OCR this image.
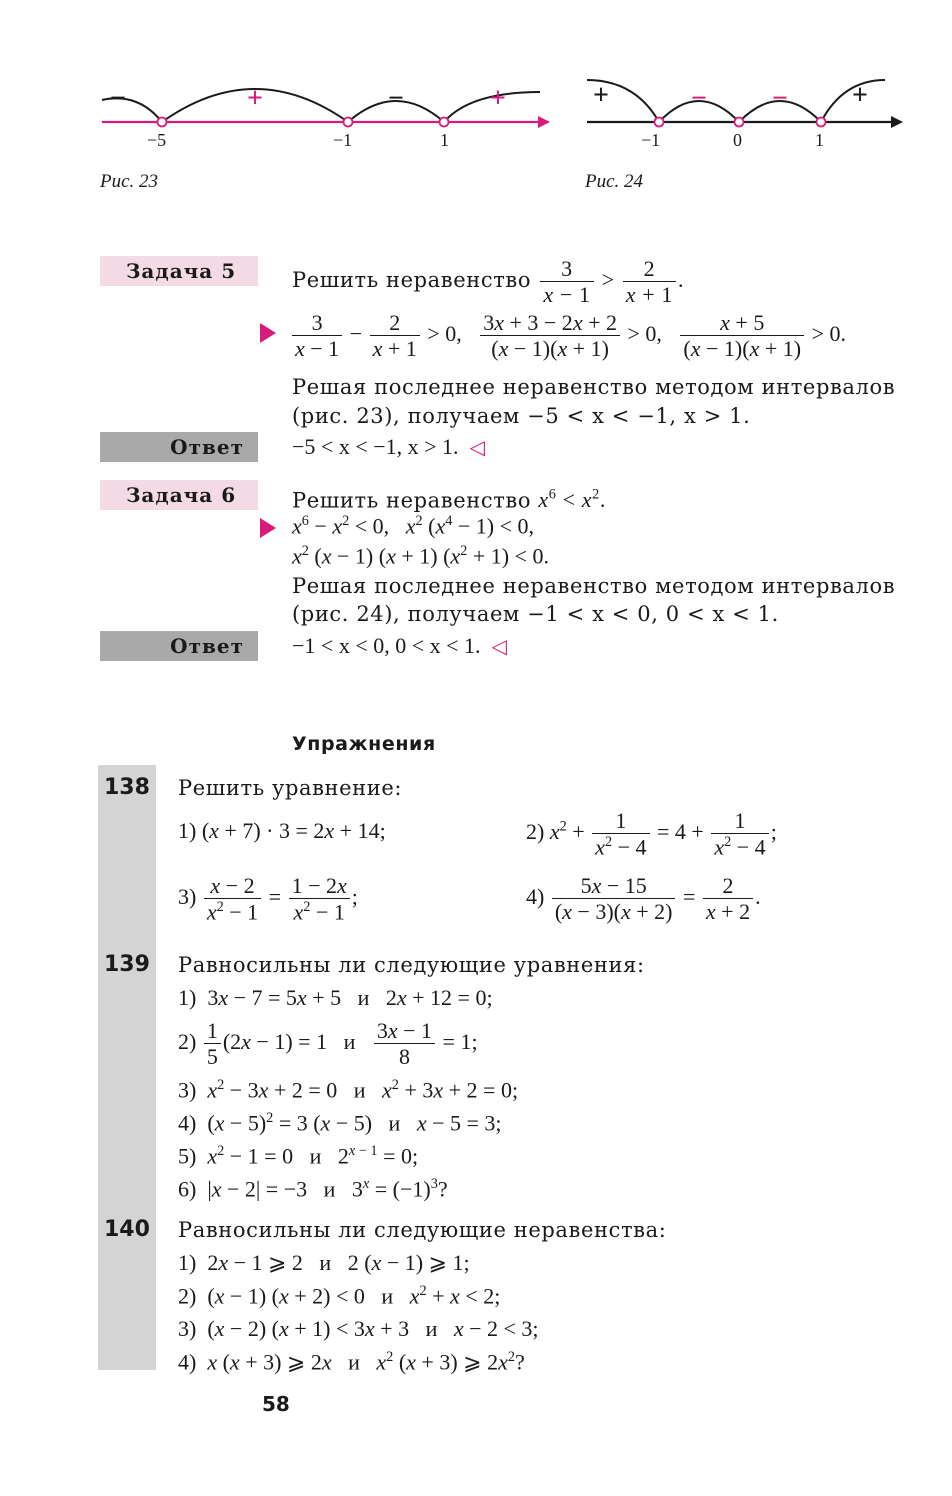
−	+	−	+
−5	−1	1
Рис. 23
+	− − +
−1	0	1
Рис. 24
Задача 5	Решить неравенство $\frac{3}{x - 1} > \frac{2}{x + 1}$ .
$\frac{3}{x - 1} - \frac{2}{x + 1} > 0$, $\frac{3x + 3 - 2x + 2}{(x - 1)(x + 1)} > 0$, $\frac{x + 5}{(x - 1)(x + 1)} > 0$.
Решая последнее неравенство методом интервалов
(рис. 23), получаем −5 < x < −1, x > 1.
Ответ	−5 < x < −1, x > 1. ◁
Задача 6	Решить неравенство $x^6 < x^2$.
$x^6 - x^2 < 0$,   $x^2$ $(x^4 - 1) < 0$,
$x^2$ (x − 1) (x + 1) $(x^2 + 1) < 0$.
Решая последнее неравенство методом интервалов
(рис. 24), получаем −1 < x < 0, 0 < x < 1.
Ответ	−1 < x < 0, 0 < x < 1. ◁
Упражнения
138 Решить уравнение:
1) (x + 7) · 3 = 2x + 14;	2) $x^2 + \frac{1}{x^2 - 4} = 4 + \frac{1}{x^2 - 4}$ ;
$3) \frac{x - 2}{x^2 - 1} = \frac{1 - 2x}{x^2 - 1}$ ;	$4) \frac{5x - 15}{(x - 3)(x + 2)} = \frac{2}{x + 2}$ .
139 Равносильны ли следующие уравнения:
1)  3x − 7 = 5x + 5   и   2x + 12 = 0;
$2) \frac{1}{5} (2x - 1) = 1$   и $\frac{3x - 1}{8} = 1$;
3)  $x^2 - 3x + 2 = 0$   и   $x^2 + 3x + 2 = 0$;
4)  $(x - 5)^2 = 3$ (x − 5)   и   x − 5 = 3;
5)  $x^2 - 1 = 0$   и   $2^{x - 1} = 0$;
6)  |x − 2| = −3   и   $3^x = (-1)^3$?
140 Равносильны ли следующие неравенства:
1)  2x − 1 ⩾ 2   и   2 (x − 1) ⩾ 1;
2)  (x − 1) (x + 2) < 0   и   $x^2 + x < 2$;
3)  (x − 2) (x + 1) < 3x + 3   и   x − 2 < 3;
4)  x (x + 3) ⩾ 2x   и   $x^2$ (x + 3) ⩾ $2x^2$?
58
